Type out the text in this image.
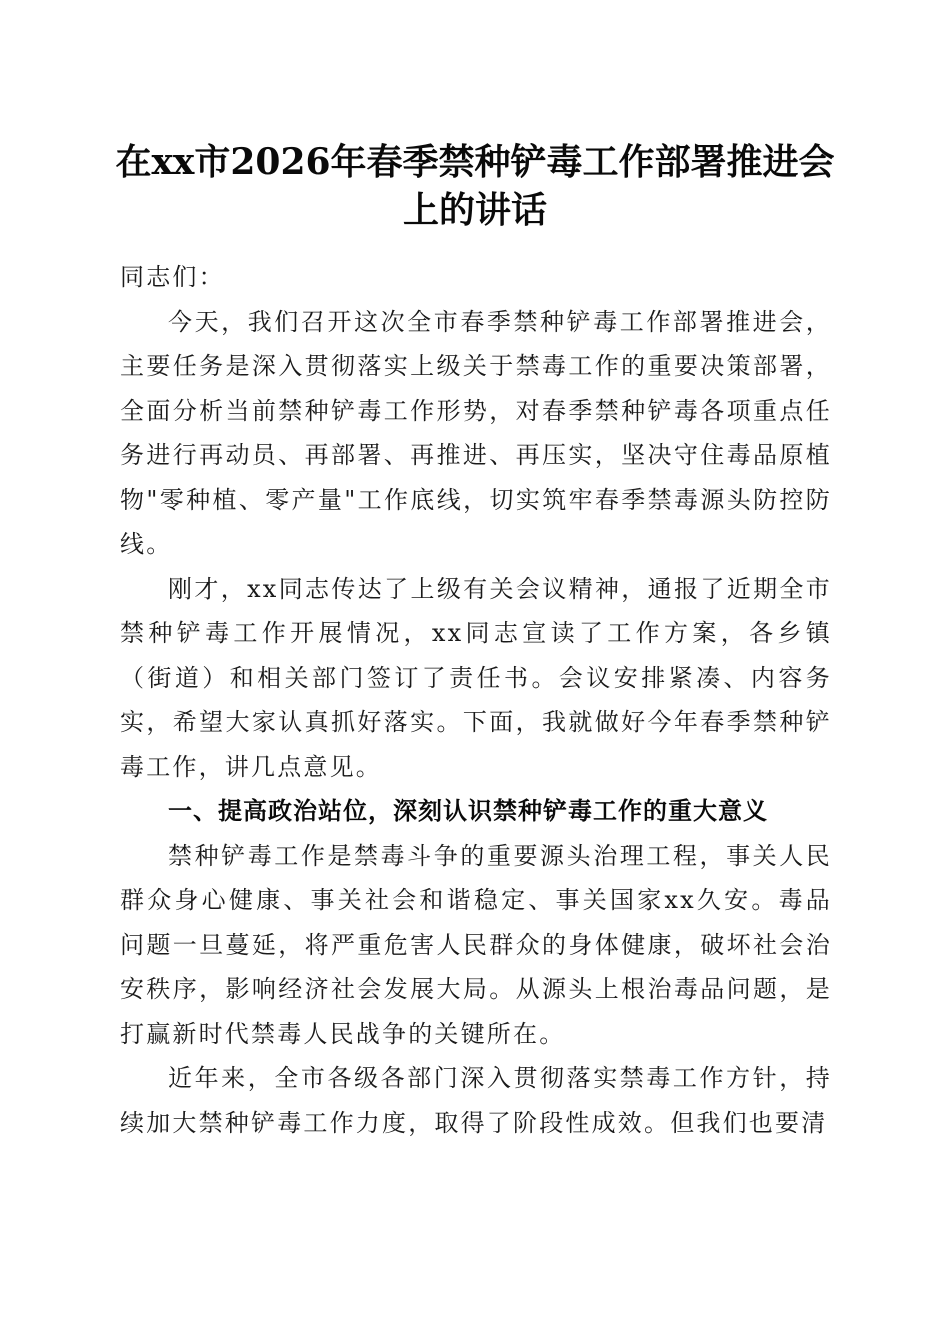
在xx市2026年春季禁种铲毒工作部署推进会
上的讲话

同志们：

今天，我们召开这次全市春季禁种铲毒工作部署推进会，主要任务是深入贯彻落实上级关于禁毒工作的重要决策部署，全面分析当前禁种铲毒工作形势，对春季禁种铲毒各项重点任务进行再动员、再部署、再推进、再压实，坚决守住毒品原植物"零种植、零产量"工作底线，切实筑牢春季禁毒源头防控防线。

刚才，xx同志传达了上级有关会议精神，通报了近期全市禁种铲毒工作开展情况，xx同志宣读了工作方案，各乡镇（街道）和相关部门签订了责任书。会议安排紧凑、内容务实，希望大家认真抓好落实。下面，我就做好今年春季禁种铲毒工作，讲几点意见。

一、提高政治站位，深刻认识禁种铲毒工作的重大意义

禁种铲毒工作是禁毒斗争的重要源头治理工程，事关人民群众身心健康、事关社会和谐稳定、事关国家xx久安。毒品问题一旦蔓延，将严重危害人民群众的身体健康，破坏社会治安秩序，影响经济社会发展大局。从源头上根治毒品问题，是打赢新时代禁毒人民战争的关键所在。

近年来，全市各级各部门深入贯彻落实禁毒工作方针，持续加大禁种铲毒工作力度，取得了阶段性成效。但我们也要清
